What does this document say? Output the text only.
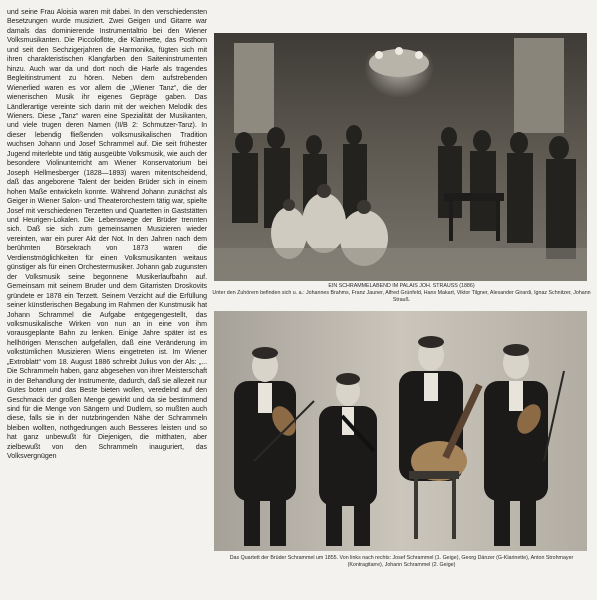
und seine Frau Aloisia waren mit dabei. In den verschiedensten Besetzungen wurde musiziert. Zwei Geigen und Gitarre war damals das dominierende Instrumentaltrio bei den Wiener Volksmusikanten. Die Piccoloflöte, die Klarinette, das Posthorn und seit den Sechzigerjahren die Harmonika, fügten sich mit ihren charakteristischen Klangfarben den Saiteninstrumenten hinzu. Auch war da und dort noch die Harfe als tragendes Begleitinstrument zu hören. Neben dem aufstrebenden Wienerlied waren es vor allem die „Wiener Tanz“, die der wienerischen Musik ihr eigenes Gepräge gaben. Das Ländlerartige vereinte sich darin mit der weichen Melodik des Wieners. Diese „Tanz“ waren eine Spezialität der Musikanten, und viele trugen deren Namen (II/B 2: Schmutzer-Tanz). In dieser lebendig fließenden volksmusikalischen Tradition wuchsen Johann und Josef Schrammel auf. Die seit frühester Jugend miterlebte und tätig ausgeübte Volksmusik, wie auch der besondere Violinunterricht am Wiener Konservatorium bei Joseph Hellmesberger (1828—1893) waren mitentscheidend, daß das angeborene Talent der beiden Brüder sich in einem hohen Maße entwickeln konnte. Während Johann zunächst als Geiger in Wiener Salon- und Theaterorchestern tätig war, spielte Josef mit verschiedenen Terzetten und Quartetten in Gaststätten und Heurigen-Lokalen. Die Lebenswege der Brüder trennten sich. Daß sie sich zum gemeinsamen Musizieren wieder vereinten, war ein purer Akt der Not. In den Jahren nach dem berühmten Börsekrach von 1873 waren die Verdienstmöglichkeiten für einen Volksmusikanten weitaus günstiger als für einen Orchestermusiker. Johann gab zugunsten der Volksmusik seine begonnene Musikerlaufbahn auf. Gemeinsam mit seinem Bruder und dem Gitarristen Droskovits gründete er 1878 ein Terzett. Seinem Verzicht auf die Erfüllung seiner künstlerischen Begabung im Rahmen der Kunstmusik hat Johann Schrammel die Aufgabe entgegengestellt, das volksmusikalische Wirken von nun an in eine von ihm vorausgeplante Bahn zu lenken. Einige Jahre später ist es hellhörigen Menschen aufgefallen, daß eine Veränderung im volkstümlichen Musizieren Wiens eingetreten ist. Im Wiener „Extroblatt“ vom 18. August 1886 schreibt Julius von der Als: „... Die Schrammeln haben, ganz abgesehen von ihrer Meisterschaft in der Behandlung der Instrumente, dadurch, daß sie allezeit nur Gutes boten und das Beste bieten wollen, veredelnd auf den Geschmack der großen Menge gewirkt und da sie bestimmend sind für die Menge von Sängern und Dudlern, so mußten auch diese, falls sie in der nutzbringenden Nähe der Schrammeln bleiben wollten, nothgedrungen auch Besseres leisten und so hat ganz unbewußt für Diejenigen, die mitthaten, aber zielbewußt von den Schrammeln inauguriert, das Volksvergnügen

EIN SCHRAMMELABEND IM PALAIS JOH. STRAUSS (1886)
Unter den Zuhörern befinden sich u. a.: Johannes Brahms, Franz Jauner, Alfred Grünfeld, Hans Makart, Viktor Tilgner, Alexander Girardi, Ignaz Schnitzer, Johann Strauß.
Das Quartett der Brüder Schrammel um 1855. Von links nach rechts: Josef Schrammel (1. Geige), Georg Dänzer (G-Klarinette), Anton Strohmayer (Kontragitarre), Johann Schrammel (2. Geige)
